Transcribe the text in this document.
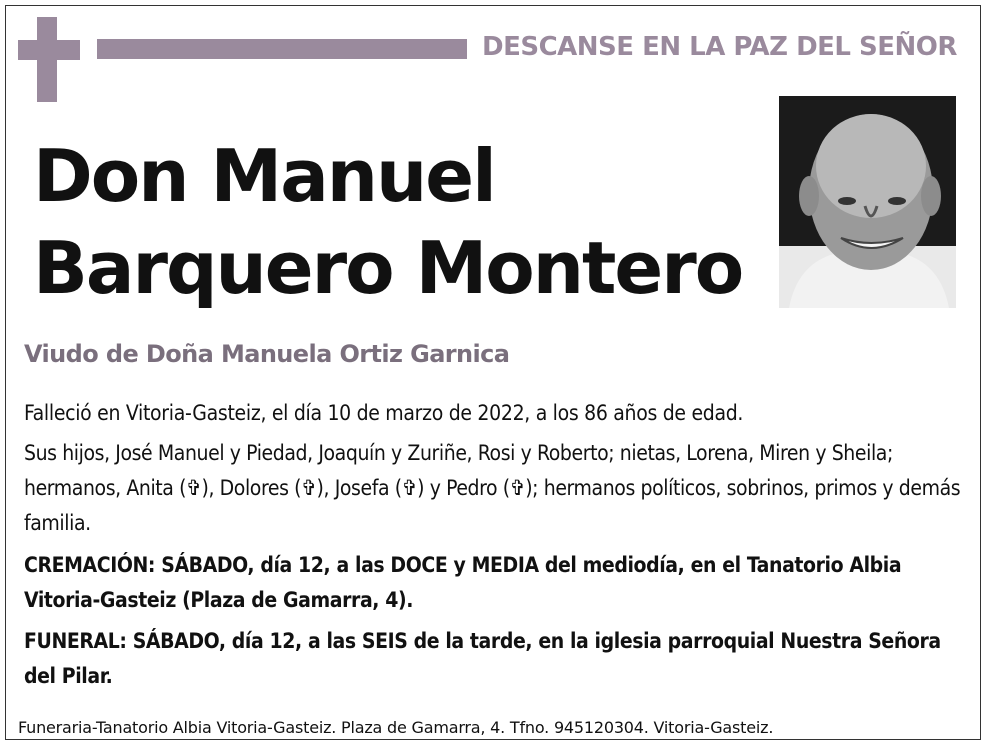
DESCANSE EN LA PAZ DEL SEÑOR
Don Manuel
Barquero Montero
Viudo de Doña Manuela Ortiz Garnica
Falleció en Vitoria-Gasteiz, el día 10 de marzo de 2022, a los 86 años de edad.
Sus hijos, José Manuel y Piedad, Joaquín y Zuriñe, Rosi y Roberto; nietas, Lorena, Miren y Sheila; hermanos, Anita (✞), Dolores (✞), Josefa (✞) y Pedro (✞); hermanos políticos, sobrinos, primos y demás familia.
CREMACIÓN: SÁBADO, día 12, a las DOCE y MEDIA del mediodía, en el Tanatorio Albia Vitoria-Gasteiz (Plaza de Gamarra, 4).
FUNERAL: SÁBADO, día 12, a las SEIS de la tarde, en la iglesia parroquial Nuestra Señora del Pilar.
Funeraria-Tanatorio Albia Vitoria-Gasteiz. Plaza de Gamarra, 4. Tfno. 945120304. Vitoria-Gasteiz.
